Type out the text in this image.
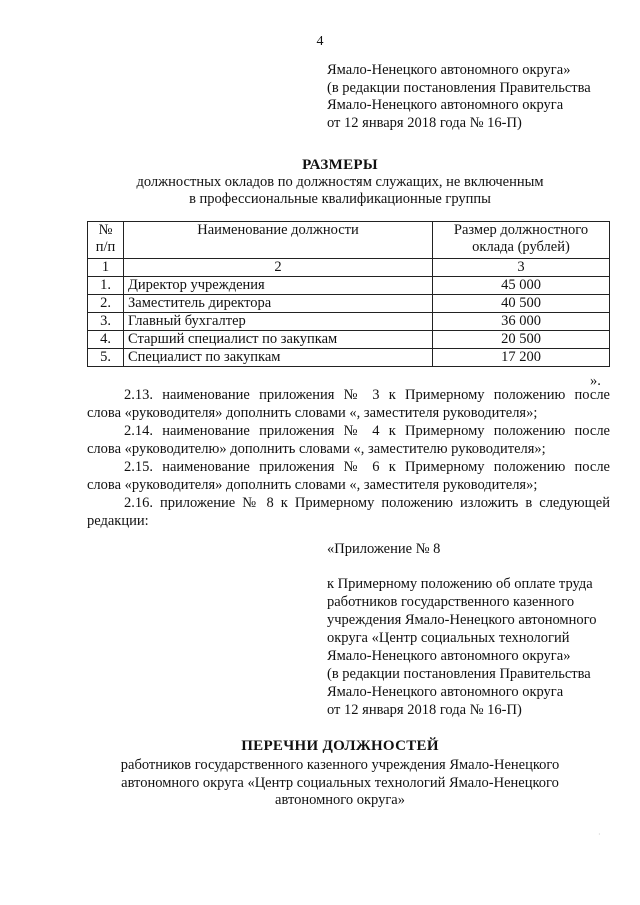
4
Ямало-Ненецкого автономного округа»
(в редакции постановления Правительства
Ямало-Ненецкого автономного округа
от 12 января 2018 года № 16-П)
РАЗМЕРЫ
должностных окладов по должностям служащих, не включенным
в профессиональные квалификационные группы
№ п/п	Наименование должности	Размер должностного оклада (рублей)
1	2	3
1.	Директор учреждения	45 000
2.	Заместитель директора	40 500
3.	Главный бухгалтер	36 000
4.	Старший специалист по закупкам	20 500
5.	Специалист по закупкам	17 200
».

2.13. наименование приложения № 3 к Примерному положению после

слова «руководителя» дополнить словами «, заместителя руководителя»;

2.14. наименование приложения № 4 к Примерному положению после

слова «руководителю» дополнить словами «, заместителю руководителя»;

2.15. наименование приложения № 6 к Примерному положению после

слова «руководителя» дополнить словами «, заместителя руководителя»;

2.16. приложение № 8 к Примерному положению изложить в следующей

редакции:

«Приложение № 8
к Примерному положению об оплате труда
работников государственного казенного
учреждения Ямало-Ненецкого автономного
округа «Центр социальных технологий
Ямало-Ненецкого автономного округа»
(в редакции постановления Правительства
Ямало-Ненецкого автономного округа
от 12 января 2018 года № 16-П)
ПЕРЕЧНИ ДОЛЖНОСТЕЙ
работников государственного казенного учреждения Ямало-Ненецкого
автономного округа «Центр социальных технологий Ямало-Ненецкого
автономного округа»
·
